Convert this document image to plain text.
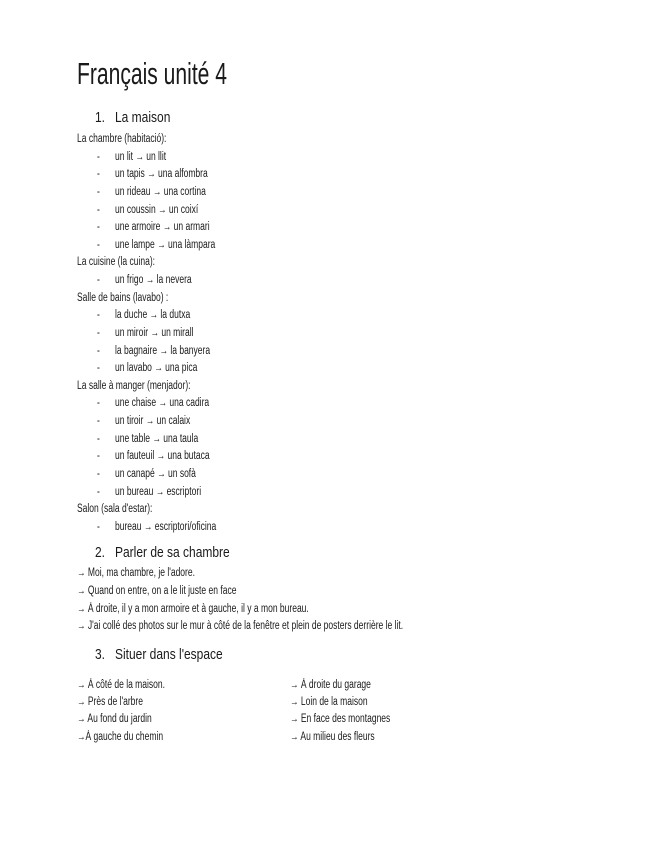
Français unité 4
1. La maison
La chambre (habitació):
- un lit → un llit
- un tapis → una alfombra
- un rideau → una cortina
- un coussin → un coixí
- une armoire → un armari
- une lampe → una làmpara
La cuisine (la cuina):
- un frigo → la nevera
Salle de bains (lavabo) :
- la duche → la dutxa
- un miroir → un mirall
- la bagnaire → la banyera
- un lavabo → una pica
La salle à manger (menjador):
- une chaise → una cadira
- un tiroir → un calaix
- une table → una taula
- un fauteuil → una butaca
- un canapé → un sofà
- un bureau → escriptori
Salon (sala d'estar):
- bureau → escriptori/oficina
2. Parler de sa chambre
→ Moi, ma chambre, je l'adore.
→ Quand on entre, on a le lit juste en face
→ À droite, il y a mon armoire et à gauche, il y a mon bureau.
→ J'ai collé des photos sur le mur à côté de la fenêtre et plein de posters derrière le lit.
3. Situer dans l'espace
→ À côté de la maison.
→ Près de l'arbre
→ Au fond du jardin
→À gauche du chemin
→ À droite du garage
→ Loin de la maison
→ En face des montagnes
→ Au milieu des fleurs
